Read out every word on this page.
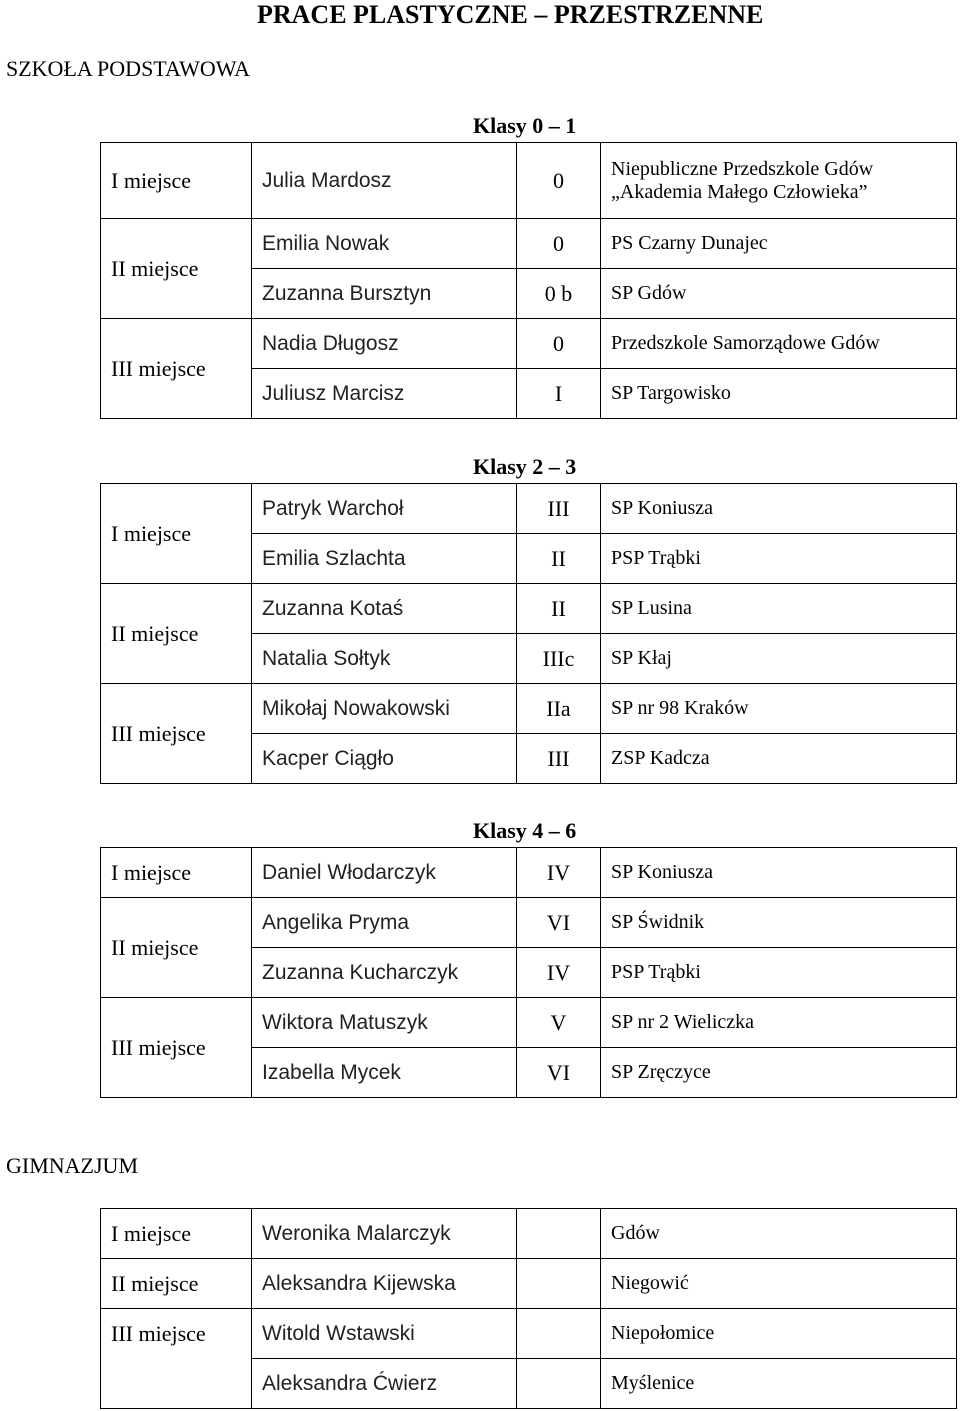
PRACE PLASTYCZNE – PRZESTRZENNE
SZKOŁA PODSTAWOWA
Klasy 0 – 1
I miejsce	Julia Mardosz	0	Niepubliczne Przedszkole Gdów
„Akademia Małego Człowieka”

II miejsce	Emilia Nowak	0	PS Czarny Dunajec
	Zuzanna Bursztyn	0 b	SP Gdów
III miejsce	Nadia Długosz	0	Przedszkole Samorządowe Gdów
	Juliusz Marcisz	I	SP Targowisko
Klasy 2 – 3
I miejsce	Patryk Warchoł	III	SP Koniusza
	Emilia Szlachta	II	PSP Trąbki
II miejsce	Zuzanna Kotaś	II	SP Lusina
	Natalia Sołtyk	IIIc	SP Kłaj
III miejsce	Mikołaj Nowakowski	IIa	SP nr 98 Kraków
	Kacper Ciągło	III	ZSP Kadcza
Klasy 4 – 6
I miejsce	Daniel Włodarczyk	IV	SP Koniusza
II miejsce	Angelika Pryma	VI	SP Świdnik
	Zuzanna Kucharczyk	IV	PSP Trąbki
III miejsce	Wiktora Matuszyk	V	SP nr 2 Wieliczka
	Izabella Mycek	VI	SP Zręczyce
GIMNAZJUM
I miejsce	Weronika Malarczyk		Gdów
II miejsce	Aleksandra Kijewska		Niegowić
III miejsce	Witold Wstawski		Niepołomice
	Aleksandra Ćwierz		Myślenice
